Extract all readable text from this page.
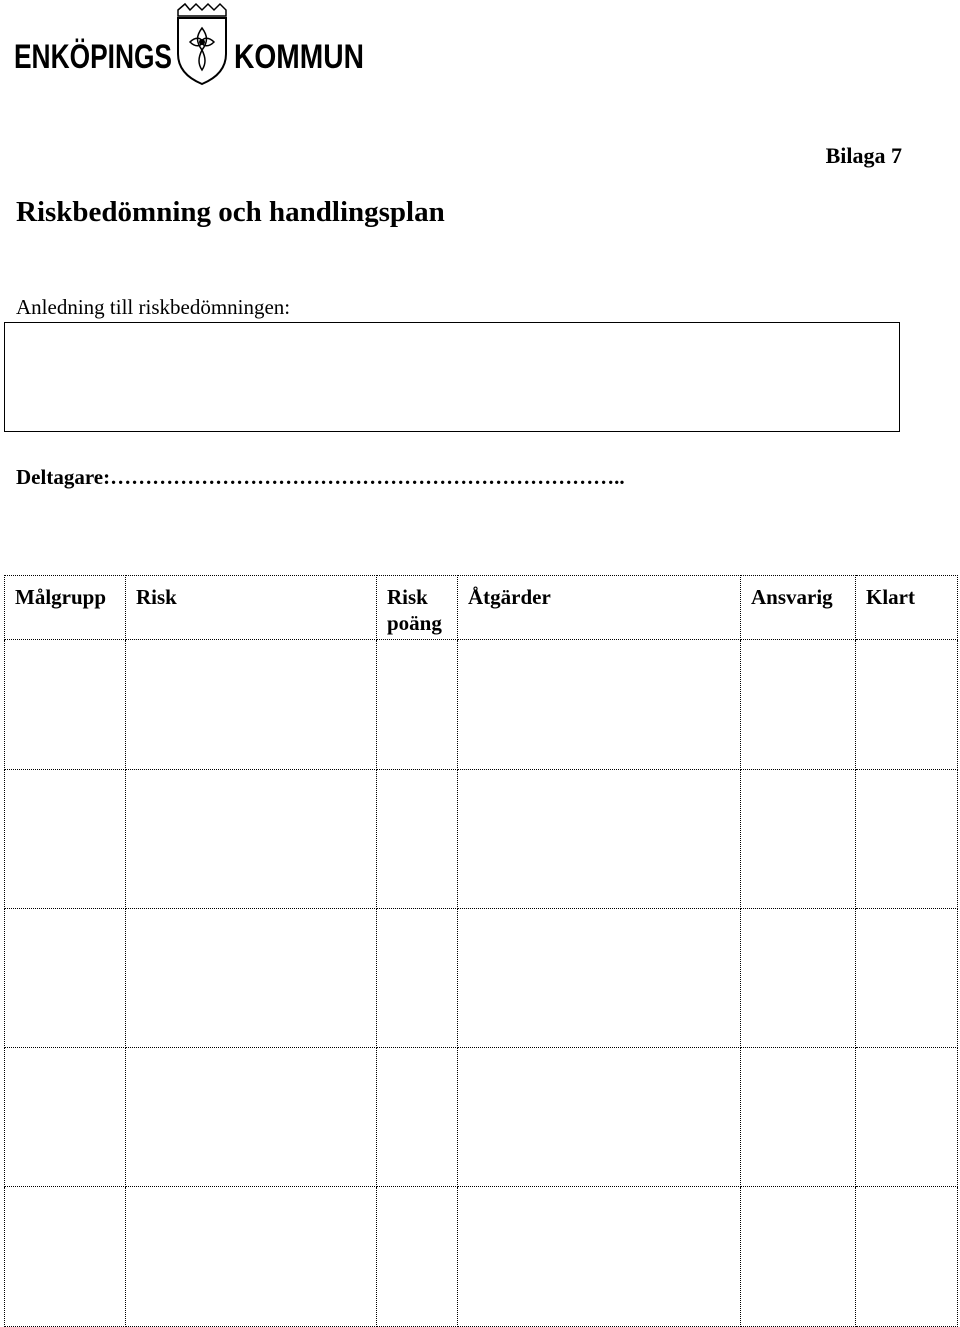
ENKÖPINGS KOMMUN
Bilaga 7
Riskbedömning och handlingsplan
Anledning till riskbedömningen:
Deltagare:………………………………………………………………..
Målgrupp	Risk	Risk poäng	Åtgärder	Ansvarig	Klart
